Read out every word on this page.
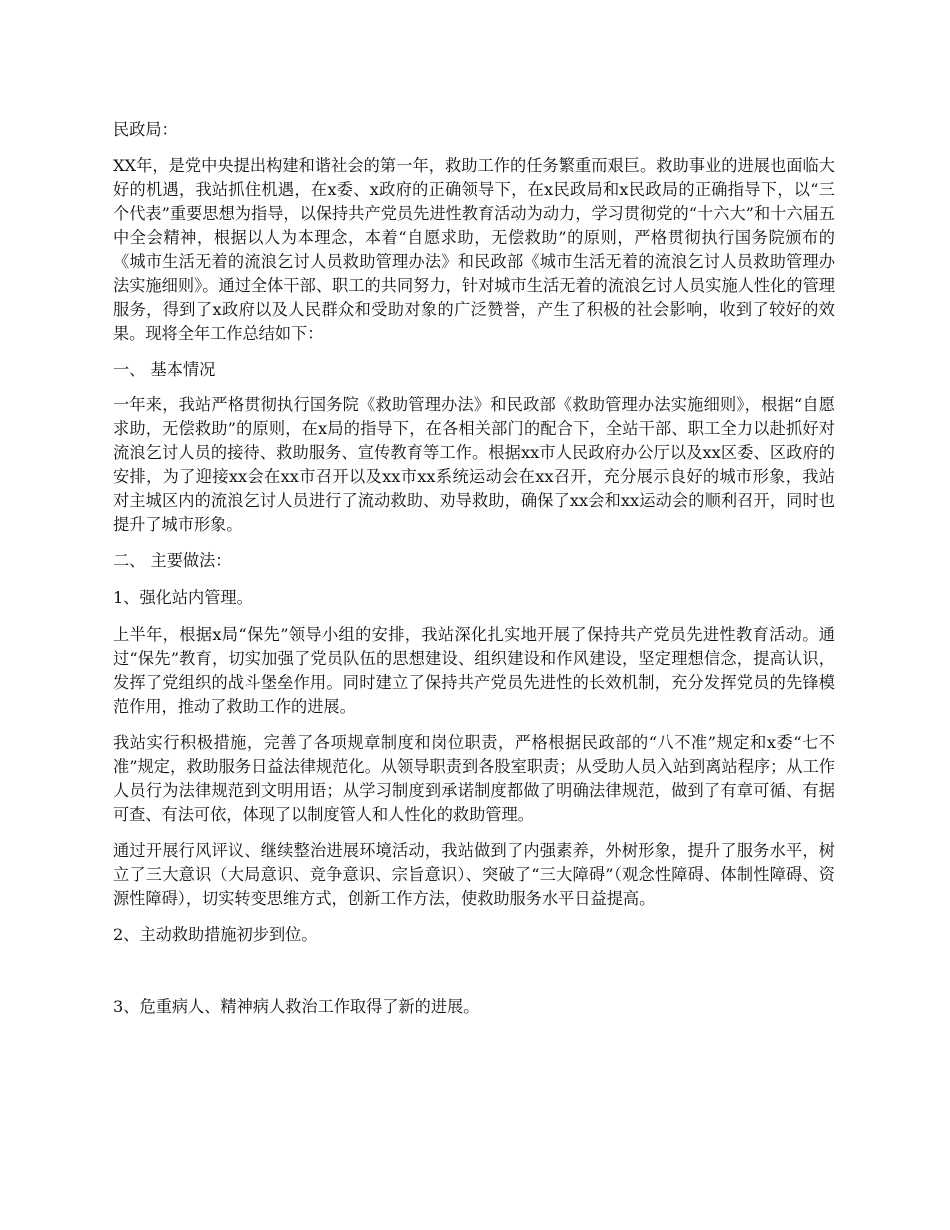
民政局：

XX年，是党中央提出构建和谐社会的第一年，救助工作的任务繁重而艰巨。救助事业的进展也面临大好的机遇，我站抓住机遇，在x委、x政府的正确领导下，在x民政局和x民政局的正确指导下，以“三个代表”重要思想为指导，以保持共产党员先进性教育活动为动力，学习贯彻党的“十六大”和十六届五中全会精神，根据以人为本理念，本着“自愿求助，无偿救助”的原则，严格贯彻执行国务院颁布的《城市生活无着的流浪乞讨人员救助管理办法》和民政部《城市生活无着的流浪乞讨人员救助管理办法实施细则》。通过全体干部、职工的共同努力，针对城市生活无着的流浪乞讨人员实施人性化的管理服务，得到了x政府以及人民群众和受助对象的广泛赞誉，产生了积极的社会影响，收到了较好的效果。现将全年工作总结如下：

一、 基本情况

一年来，我站严格贯彻执行国务院《救助管理办法》和民政部《救助管理办法实施细则》，根据“自愿求助，无偿救助”的原则，在x局的指导下，在各相关部门的配合下，全站干部、职工全力以赴抓好对流浪乞讨人员的接待、救助服务、宣传教育等工作。根据xx市人民政府办公厅以及xx区委、区政府的安排，为了迎接xx会在xx市召开以及xx市xx系统运动会在xx召开，充分展示良好的城市形象，我站对主城区内的流浪乞讨人员进行了流动救助、劝导救助，确保了xx会和xx运动会的顺利召开，同时也提升了城市形象。

二、 主要做法：

1、强化站内管理。

上半年，根据x局“保先”领导小组的安排，我站深化扎实地开展了保持共产党员先进性教育活动。通过“保先”教育，切实加强了党员队伍的思想建设、组织建设和作风建设，坚定理想信念，提高认识，发挥了党组织的战斗堡垒作用。同时建立了保持共产党员先进性的长效机制，充分发挥党员的先锋模范作用，推动了救助工作的进展。

我站实行积极措施，完善了各项规章制度和岗位职责，严格根据民政部的“八不准”规定和x委“七不准”规定，救助服务日益法律规范化。从领导职责到各股室职责；从受助人员入站到离站程序；从工作人员行为法律规范到文明用语；从学习制度到承诺制度都做了明确法律规范，做到了有章可循、有据可查、有法可依，体现了以制度管人和人性化的救助管理。

通过开展行风评议、继续整治进展环境活动，我站做到了内强素养，外树形象，提升了服务水平，树立了三大意识（大局意识、竞争意识、宗旨意识）、突破了“三大障碍”（观念性障碍、体制性障碍、资源性障碍），切实转变思维方式，创新工作方法，使救助服务水平日益提高。

2、主动救助措施初步到位。

3、危重病人、精神病人救治工作取得了新的进展。
